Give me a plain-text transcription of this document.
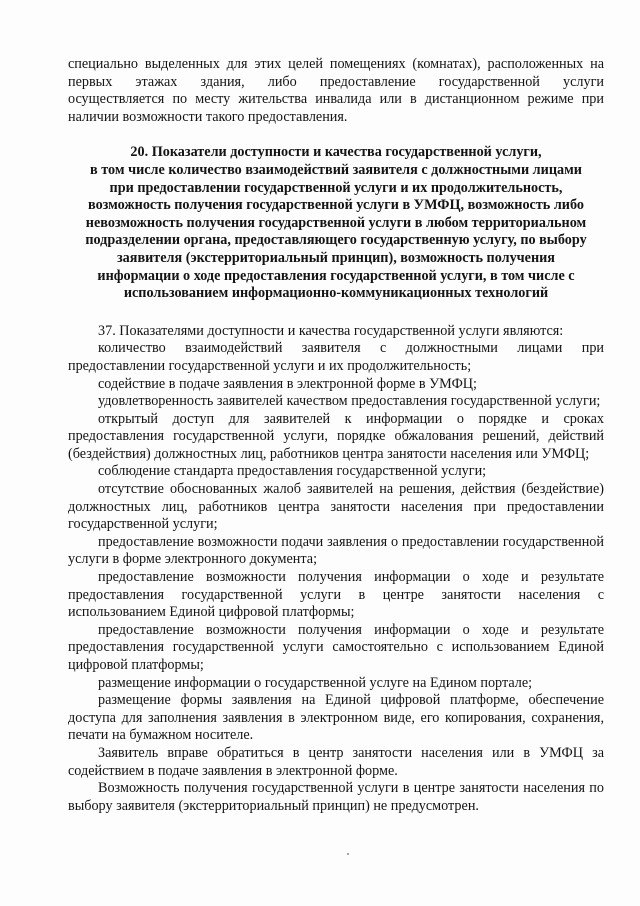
специально выделенных для этих целей помещениях (комнатах), расположенных на

первых этажах здания, либо предоставление государственной услуги

осуществляется по месту жительства инвалида или в дистанционном режиме при

наличии возможности такого предоставления.

20. Показатели доступности и качества государственной услуги,
в том числе количество взаимодействий заявителя с должностными лицами
при предоставлении государственной услуги и их продолжительность,
возможность получения государственной услуги в УМФЦ, возможность либо
невозможность получения государственной услуги в любом территориальном
подразделении органа, предоставляющего государственную услугу, по выбору
заявителя (экстерриториальный принцип), возможность получения
информации о ходе предоставления государственной услуги, в том числе с
использованием информационно-коммуникационных технологий

37. Показателями доступности и качества государственной услуги являются:

количество взаимодействий заявителя с должностными лицами при предоставлении государственной услуги и их продолжительность;

содействие в подаче заявления в электронной форме в УМФЦ;

удовлетворенность заявителей качеством предоставления государственной услуги;

открытый доступ для заявителей к информации о порядке и сроках предоставления государственной услуги, порядке обжалования решений, действий (бездействия) должностных лиц, работников центра занятости населения или УМФЦ;

соблюдение стандарта предоставления государственной услуги;

отсутствие обоснованных жалоб заявителей на решения, действия (бездействие) должностных лиц, работников центра занятости населения при предоставлении государственной услуги;

предоставление возможности подачи заявления о предоставлении государственной услуги в форме электронного документа;

предоставление возможности получения информации о ходе и результате предоставления государственной услуги в центре занятости населения с использованием Единой цифровой платформы;

предоставление возможности получения информации о ходе и результате предоставления государственной услуги самостоятельно с использованием Единой цифровой платформы;

размещение информации о государственной услуге на Едином портале;

размещение формы заявления на Единой цифровой платформе, обеспечение доступа для заполнения заявления в электронном виде, его копирования, сохранения, печати на бумажном носителе.

Заявитель вправе обратиться в центр занятости населения или в УМФЦ за содействием в подаче заявления в электронной форме.

Возможность получения государственной услуги в центре занятости населения по выбору заявителя (экстерриториальный принцип) не предусмотрен.
